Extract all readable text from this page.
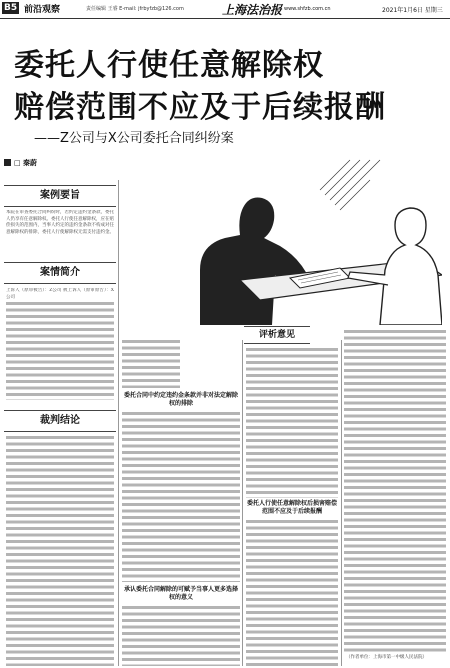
B5 前沿观察	责任编辑 王睿 E-mail: jfrbyfzb@126.com	上海法治报 www.shfzb.com.cn	2021年1月6日 星期三
委托人行使任意解除权
赔偿范围不应及于后续报酬
——Z公司与X公司委托合同纠纷案
□ 秦蔚
案例要旨
本院在审查委托合同纠纷时，若约定违约金条款，委托人仍享有任意解除权。委托人行使任意解除权，应在赔偿损失的范围内，当事人约定的违约金条款不构成对任意解除权的排除，委托人行使解除权无需支付违约金。
案情简介
上诉人（原审被告）：Z公司 被上诉人（原审原告）：X公司
裁判结论
委托合同中约定违约金条款并非对法定解除权的排除
承认委托合同解除的可赋予当事人更多选择权的意义
评析意见
委托人行使任意解除权后损害赔偿范围不应及于后续报酬
（作者单位：上海市第一中级人民法院）
